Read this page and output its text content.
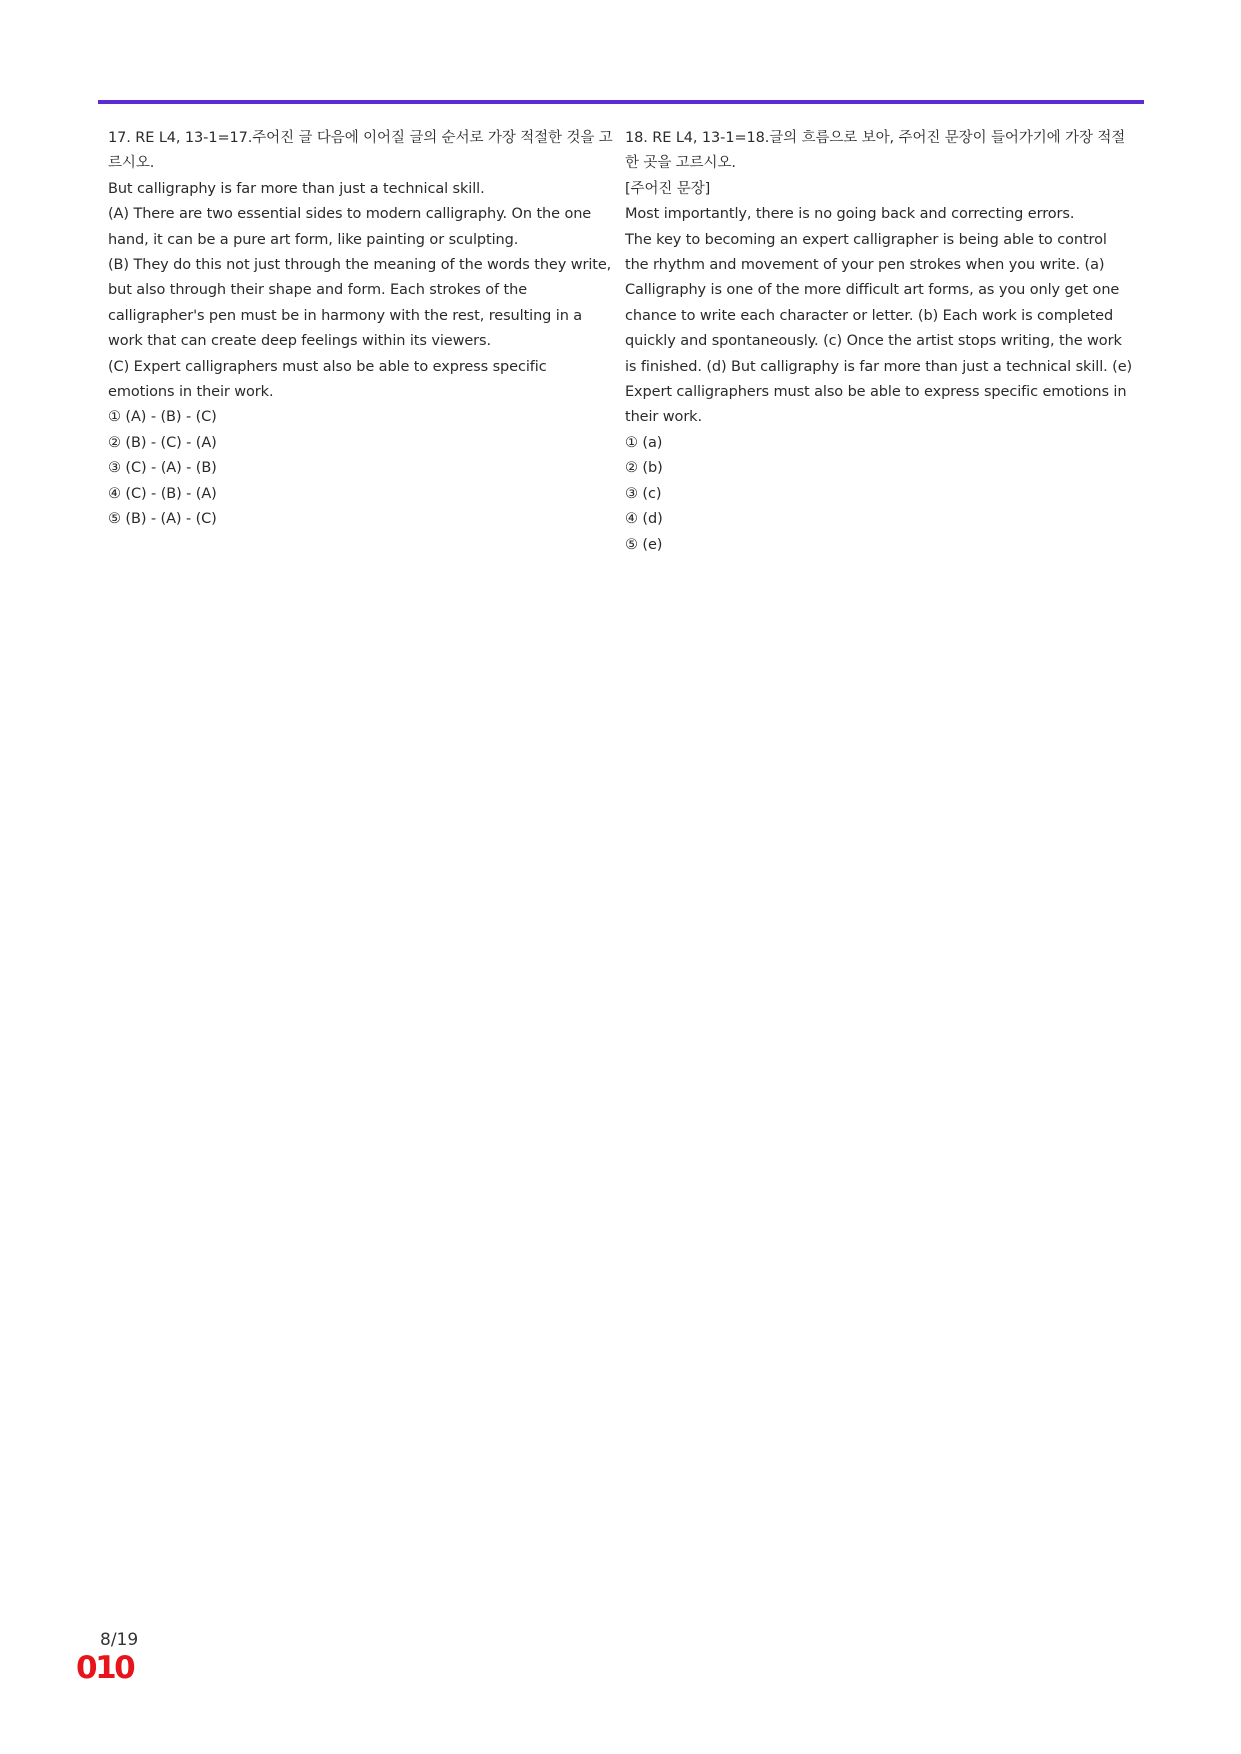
17. RE L4, 13-1=17.주어진 글 다음에 이어질 글의 순서로 가장 적절한 것을 고르시오.

But calligraphy is far more than just a technical skill.

(A) There are two essential sides to modern calligraphy. On the one hand, it can be a pure art form, like painting or sculpting.

(B) They do this not just through the meaning of the words they write, but also through their shape and form. Each strokes of the calligrapher's pen must be in harmony with the rest, resulting in a work that can create deep feelings within its viewers.

(C) Expert calligraphers must also be able to express specific emotions in their work.

① (A) - (B) - (C)

② (B) - (C) - (A)

③ (C) - (A) - (B)

④ (C) - (B) - (A)

⑤ (B) - (A) - (C)

18. RE L4, 13-1=18.글의 흐름으로 보아, 주어진 문장이 들어가기에 가장 적절한 곳을 고르시오.

[주어진 문장]

Most importantly, there is no going back and correcting errors.

The key to becoming an expert calligrapher is being able to control the rhythm and movement of your pen strokes when you write. (a) Calligraphy is one of the more difficult art forms, as you only get one chance to write each character or letter. (b) Each work is completed quickly and spontaneously. (c) Once the artist stops writing, the work is finished. (d) But calligraphy is far more than just a technical skill. (e) Expert calligraphers must also be able to express specific emotions in their work.

① (a)

② (b)

③ (c)

④ (d)

⑤ (e)

8/19
010
